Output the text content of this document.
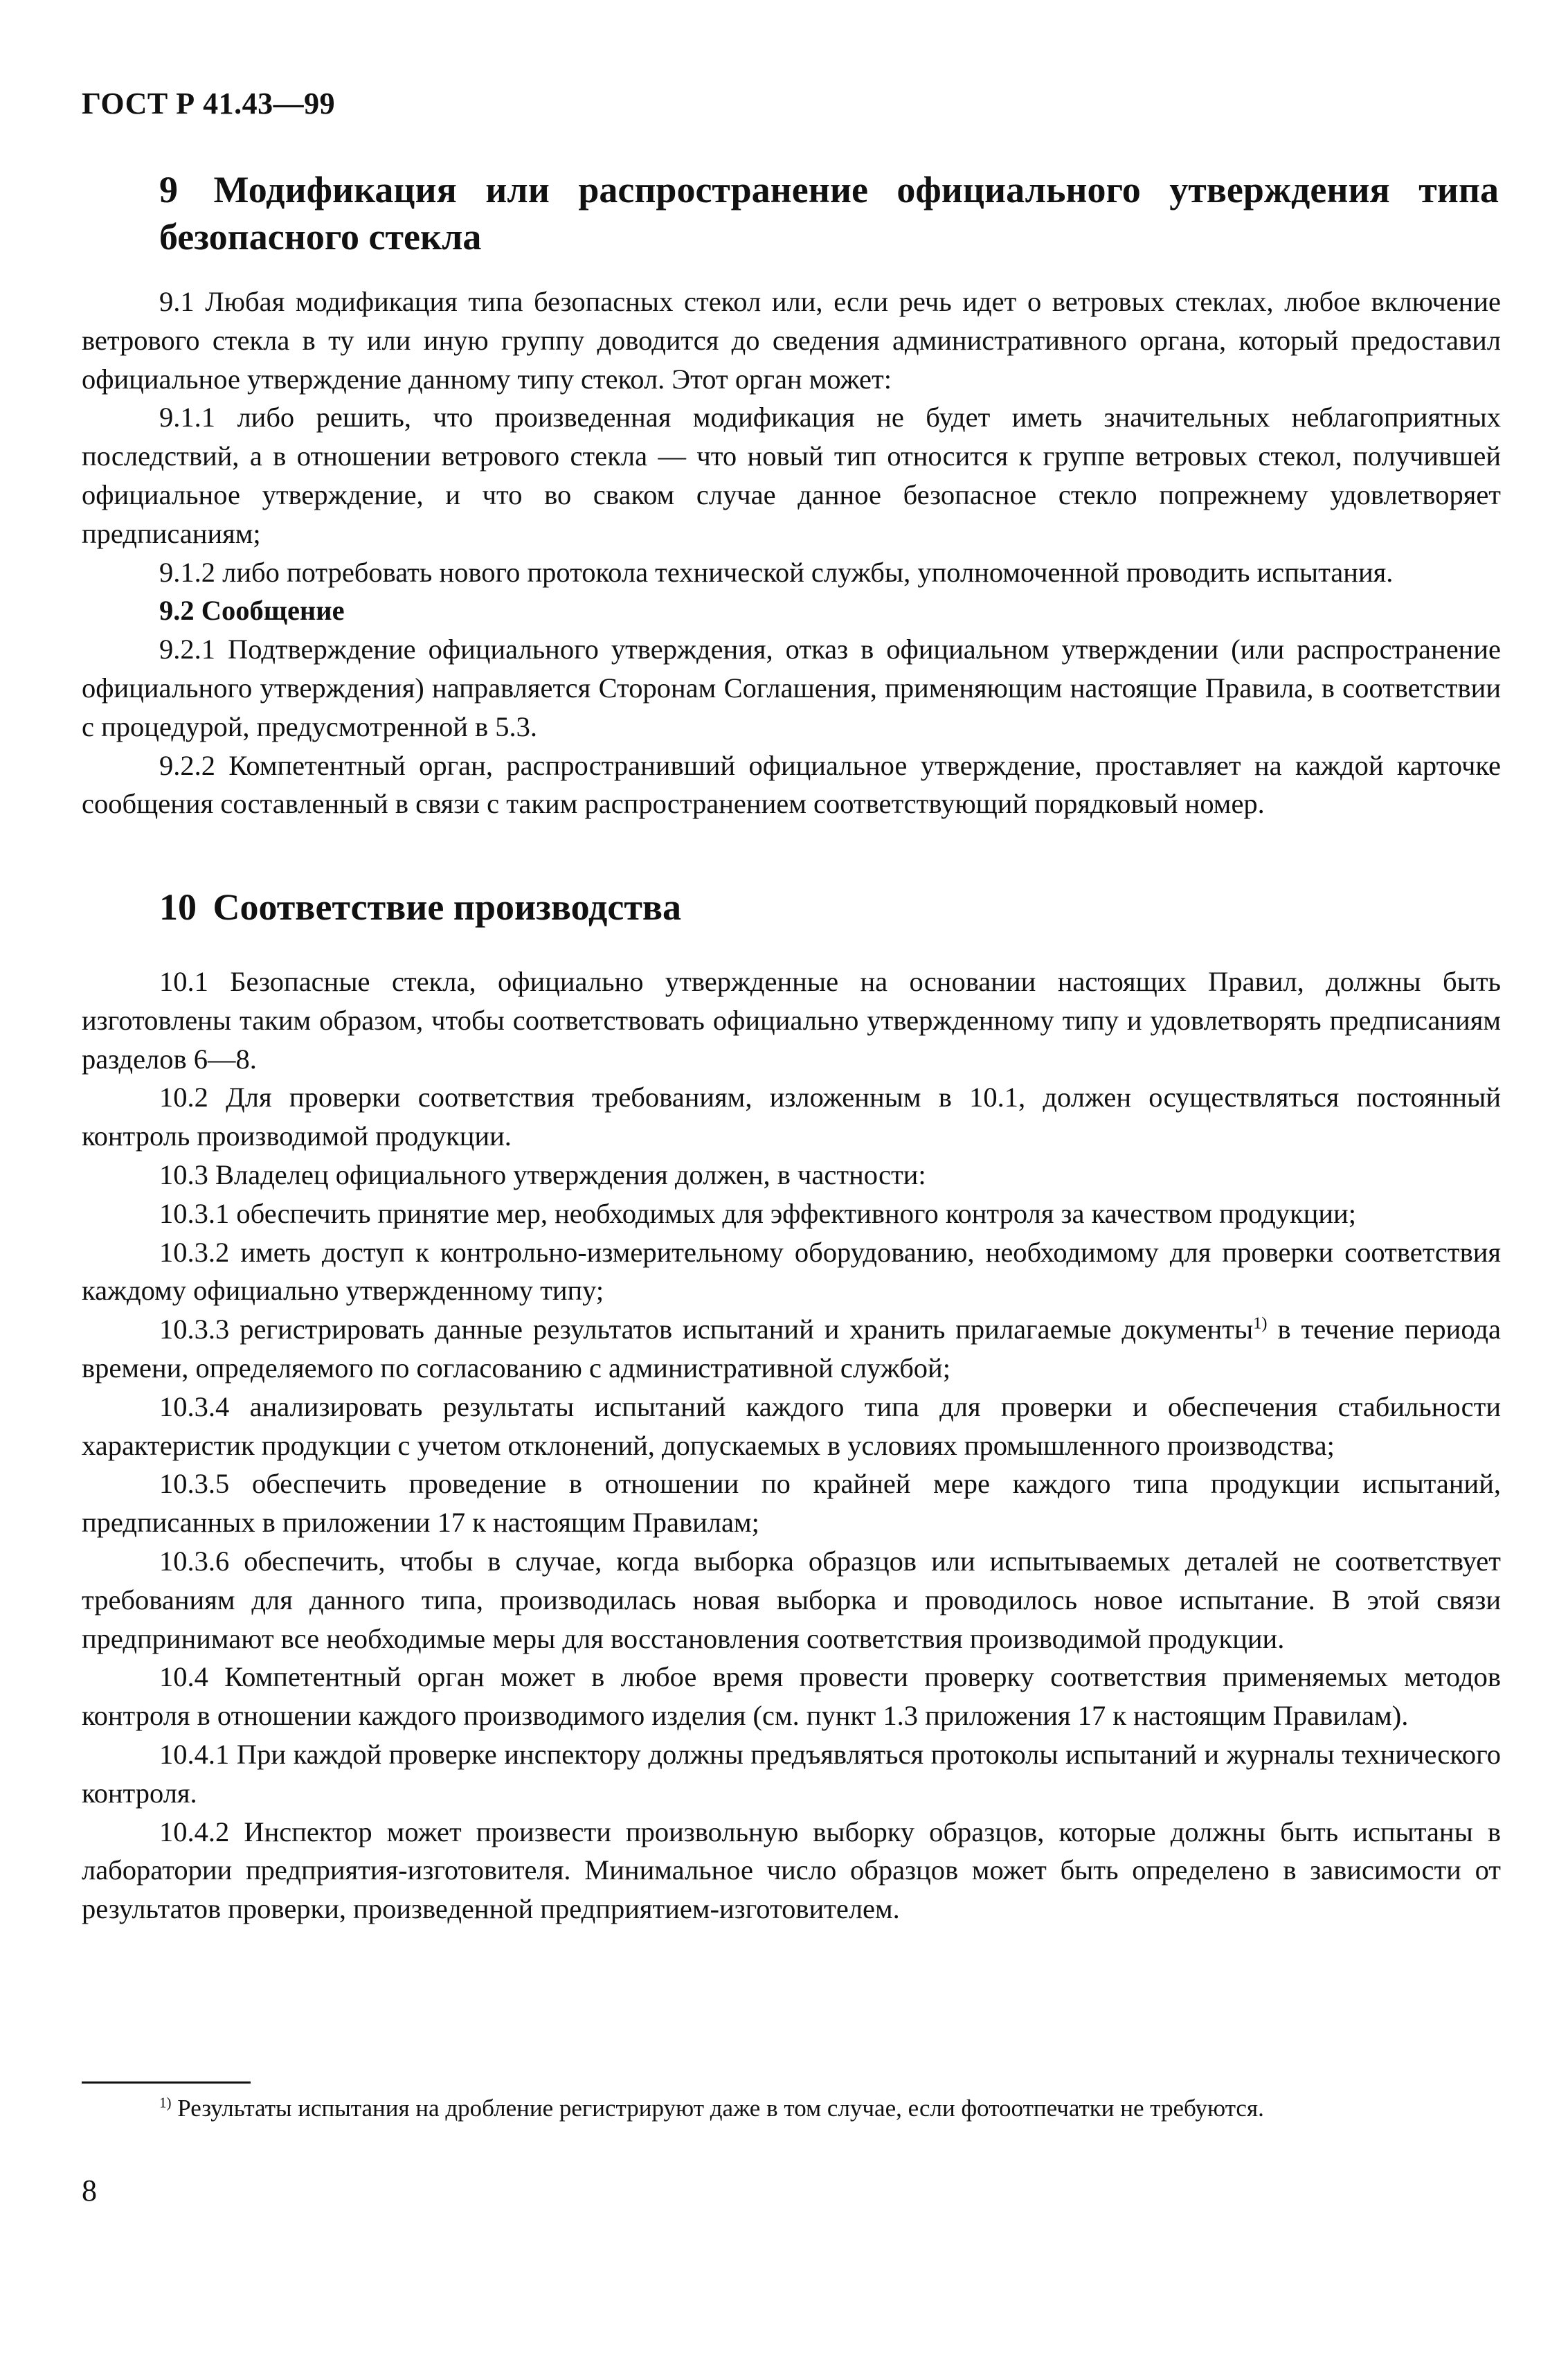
ГОСТ Р 41.43—99

9 Модификация или распространение официального утверждения типа безопасного стекла

9.1 Любая модификация типа безопасных стекол или, если речь идет о ветровых стеклах, любое включение ветрового стекла в ту или иную группу доводится до сведения административного органа, который предоставил официальное утверждение данному типу стекол. Этот орган может:

9.1.1 либо решить, что произведенная модификация не будет иметь значительных неблагоприятных последствий, а в отношении ветрового стекла — что новый тип относится к группе ветровых стекол, получившей официальное утверждение, и что во сваком случае данное безопасное стекло попрежнему удовлетворяет предписаниям;

9.1.2 либо потребовать нового протокола технической службы, уполномоченной проводить испытания.

9.2 Сообщение

9.2.1 Подтверждение официального утверждения, отказ в официальном утверждении (или распространение официального утверждения) направляется Сторонам Соглашения, применяющим настоящие Правила, в соответствии с процедурой, предусмотренной в 5.3.

9.2.2 Компетентный орган, распространивший официальное утверждение, проставляет на каждой карточке сообщения составленный в связи с таким распространением соответствующий порядковый номер.

10 Соответствие производства

10.1 Безопасные стекла, официально утвержденные на основании настоящих Правил, должны быть изготовлены таким образом, чтобы соответствовать официально утвержденному типу и удовлетворять предписаниям разделов 6—8.

10.2 Для проверки соответствия требованиям, изложенным в 10.1, должен осуществляться постоянный контроль производимой продукции.

10.3 Владелец официального утверждения должен, в частности:

10.3.1 обеспечить принятие мер, необходимых для эффективного контроля за качеством продукции;

10.3.2 иметь доступ к контрольно-измерительному оборудованию, необходимому для проверки соответствия каждому официально утвержденному типу;

10.3.3 регистрировать данные результатов испытаний и хранить прилагаемые документы$^{1)}$ в течение периода времени, определяемого по согласованию с административной службой;

10.3.4 анализировать результаты испытаний каждого типа для проверки и обеспечения стабильности характеристик продукции с учетом отклонений, допускаемых в условиях промышленного производства;

10.3.5 обеспечить проведение в отношении по крайней мере каждого типа продукции испытаний, предписанных в приложении 17 к настоящим Правилам;

10.3.6 обеспечить, чтобы в случае, когда выборка образцов или испытываемых деталей не соответствует требованиям для данного типа, производилась новая выборка и проводилось новое испытание. В этой связи предпринимают все необходимые меры для восстановления соответствия производимой продукции.

10.4 Компетентный орган может в любое время провести проверку соответствия применяемых методов контроля в отношении каждого производимого изделия (см. пункт 1.3 приложения 17 к настоящим Правилам).

10.4.1 При каждой проверке инспектору должны предъявляться протоколы испытаний и журналы технического контроля.

10.4.2 Инспектор может произвести произвольную выборку образцов, которые должны быть испытаны в лаборатории предприятия-изготовителя. Минимальное число образцов может быть определено в зависимости от результатов проверки, произведенной предприятием-изготовителем.

$^{1)}$ Результаты испытания на дробление регистрируют даже в том случае, если фотоотпечатки не требуются.
8
